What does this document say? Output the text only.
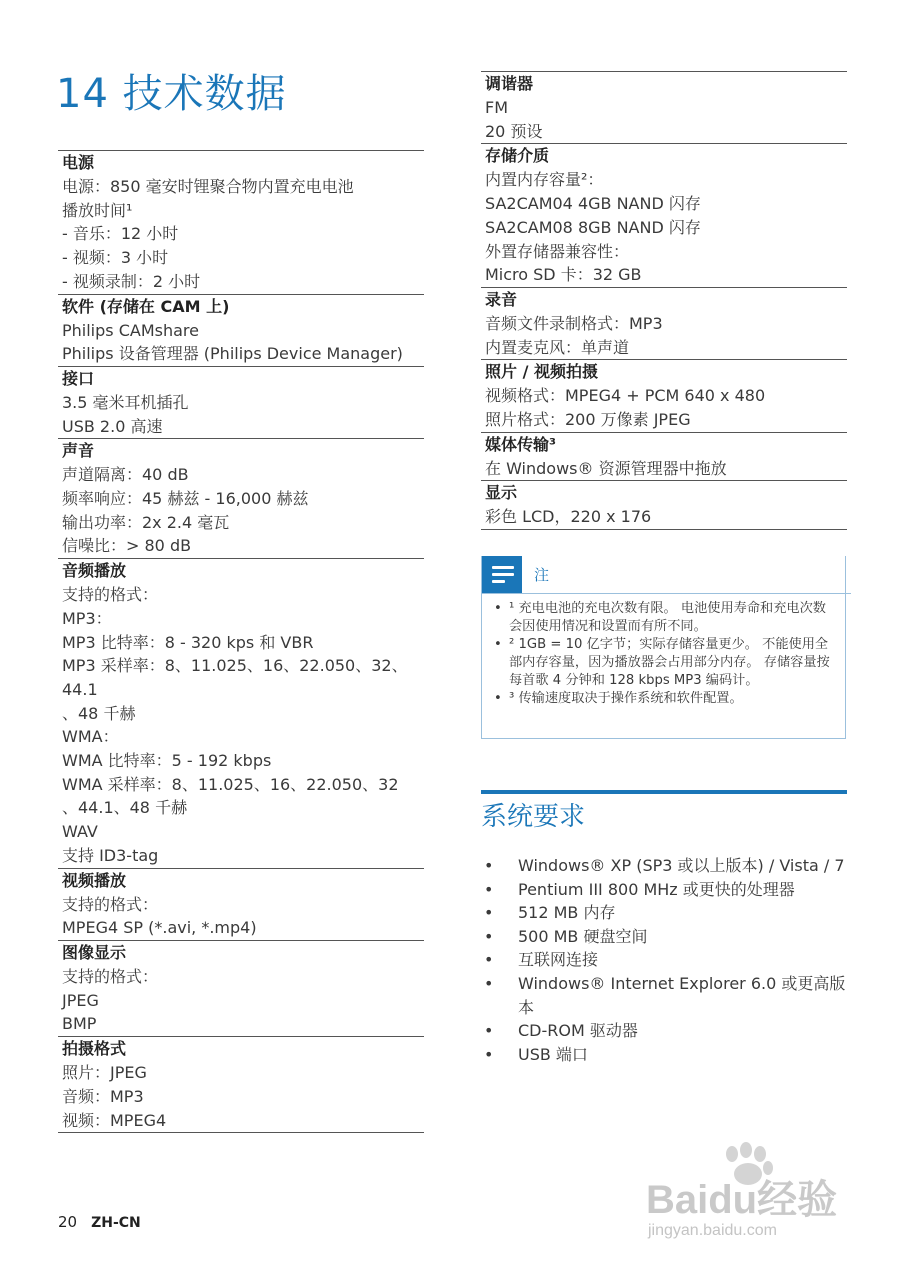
14 技术数据
电源
电源：850 毫安时锂聚合物内置充电电池
播放时间¹
- 音乐：12 小时
- 视频：3 小时
- 视频录制：2 小时
软件 (存储在 CAM 上)
Philips CAMshare
Philips 设备管理器 (Philips Device Manager)
接口
3.5 毫米耳机插孔
USB 2.0 高速
声音
声道隔离：40 dB
频率响应：45 赫兹 - 16,000 赫兹
输出功率：2x 2.4 毫瓦
信噪比：> 80 dB
音频播放
支持的格式：
MP3：
MP3 比特率：8 - 320 kps 和 VBR
MP3 采样率：8、11.025、16、22.050、32、44.1
、48 千赫
WMA：
WMA 比特率：5 - 192 kbps
WMA 采样率：8、11.025、16、22.050、32
、44.1、48 千赫
WAV
支持 ID3-tag
视频播放
支持的格式：
MPEG4 SP (*.avi, *.mp4)
图像显示
支持的格式：
JPEG
BMP
拍摄格式
照片：JPEG
音频：MP3
视频：MPEG4
调谐器
FM
20 预设
存储介质
内置内存容量²：
SA2CAM04 4GB NAND 闪存
SA2CAM08 8GB NAND 闪存
外置存储器兼容性：
Micro SD 卡：32 GB
录音
音频文件录制格式：MP3
内置麦克风：单声道
照片 / 视频拍摄
视频格式：MPEG4 + PCM 640 x 480
照片格式：200 万像素 JPEG
媒体传输³
在 Windows® 资源管理器中拖放
显示
彩色 LCD，220 x 176
注
• ¹ 充电电池的充电次数有限。 电池使用寿命和充电次数会因使用情况和设置而有所不同。
• ² 1GB = 10 亿字节；实际存储容量更少。 不能使用全部内存容量，因为播放器会占用部分内存。 存储容量按每首歌 4 分钟和 128 kbps MP3 编码计。
• ³ 传输速度取决于操作系统和软件配置。
系统要求
• Windows® XP (SP3 或以上版本) / Vista / 7
• Pentium III 800 MHz 或更快的处理器
• 512 MB 内存
• 500 MB 硬盘空间
• 互联网连接
• Windows® Internet Explorer 6.0 或更高版本
• CD-ROM 驱动器
• USB 端口
20 ZH-CN
Baidu经验
jingyan.baidu.com
